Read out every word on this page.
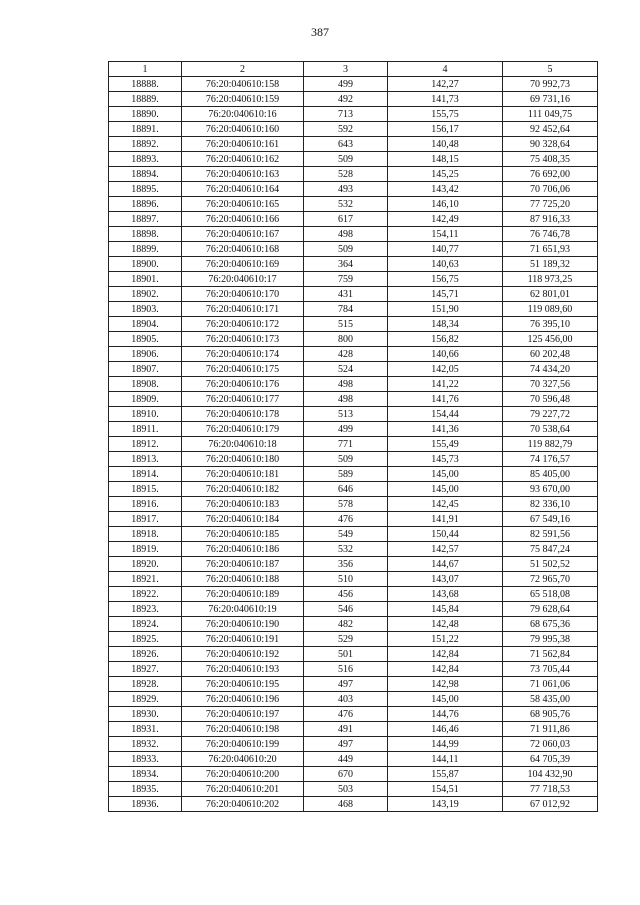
387
1	2	3	4	5
18888.	76:20:040610:158	499	142,27	70 992,73
18889.	76:20:040610:159	492	141,73	69 731,16
18890.	76:20:040610:16	713	155,75	111 049,75
18891.	76:20:040610:160	592	156,17	92 452,64
18892.	76:20:040610:161	643	140,48	90 328,64
18893.	76:20:040610:162	509	148,15	75 408,35
18894.	76:20:040610:163	528	145,25	76 692,00
18895.	76:20:040610:164	493	143,42	70 706,06
18896.	76:20:040610:165	532	146,10	77 725,20
18897.	76:20:040610:166	617	142,49	87 916,33
18898.	76:20:040610:167	498	154,11	76 746,78
18899.	76:20:040610:168	509	140,77	71 651,93
18900.	76:20:040610:169	364	140,63	51 189,32
18901.	76:20:040610:17	759	156,75	118 973,25
18902.	76:20:040610:170	431	145,71	62 801,01
18903.	76:20:040610:171	784	151,90	119 089,60
18904.	76:20:040610:172	515	148,34	76 395,10
18905.	76:20:040610:173	800	156,82	125 456,00
18906.	76:20:040610:174	428	140,66	60 202,48
18907.	76:20:040610:175	524	142,05	74 434,20
18908.	76:20:040610:176	498	141,22	70 327,56
18909.	76:20:040610:177	498	141,76	70 596,48
18910.	76:20:040610:178	513	154,44	79 227,72
18911.	76:20:040610:179	499	141,36	70 538,64
18912.	76:20:040610:18	771	155,49	119 882,79
18913.	76:20:040610:180	509	145,73	74 176,57
18914.	76:20:040610:181	589	145,00	85 405,00
18915.	76:20:040610:182	646	145,00	93 670,00
18916.	76:20:040610:183	578	142,45	82 336,10
18917.	76:20:040610:184	476	141,91	67 549,16
18918.	76:20:040610:185	549	150,44	82 591,56
18919.	76:20:040610:186	532	142,57	75 847,24
18920.	76:20:040610:187	356	144,67	51 502,52
18921.	76:20:040610:188	510	143,07	72 965,70
18922.	76:20:040610:189	456	143,68	65 518,08
18923.	76:20:040610:19	546	145,84	79 628,64
18924.	76:20:040610:190	482	142,48	68 675,36
18925.	76:20:040610:191	529	151,22	79 995,38
18926.	76:20:040610:192	501	142,84	71 562,84
18927.	76:20:040610:193	516	142,84	73 705,44
18928.	76:20:040610:195	497	142,98	71 061,06
18929.	76:20:040610:196	403	145,00	58 435,00
18930.	76:20:040610:197	476	144,76	68 905,76
18931.	76:20:040610:198	491	146,46	71 911,86
18932.	76:20:040610:199	497	144,99	72 060,03
18933.	76:20:040610:20	449	144,11	64 705,39
18934.	76:20:040610:200	670	155,87	104 432,90
18935.	76:20:040610:201	503	154,51	77 718,53
18936.	76:20:040610:202	468	143,19	67 012,92
